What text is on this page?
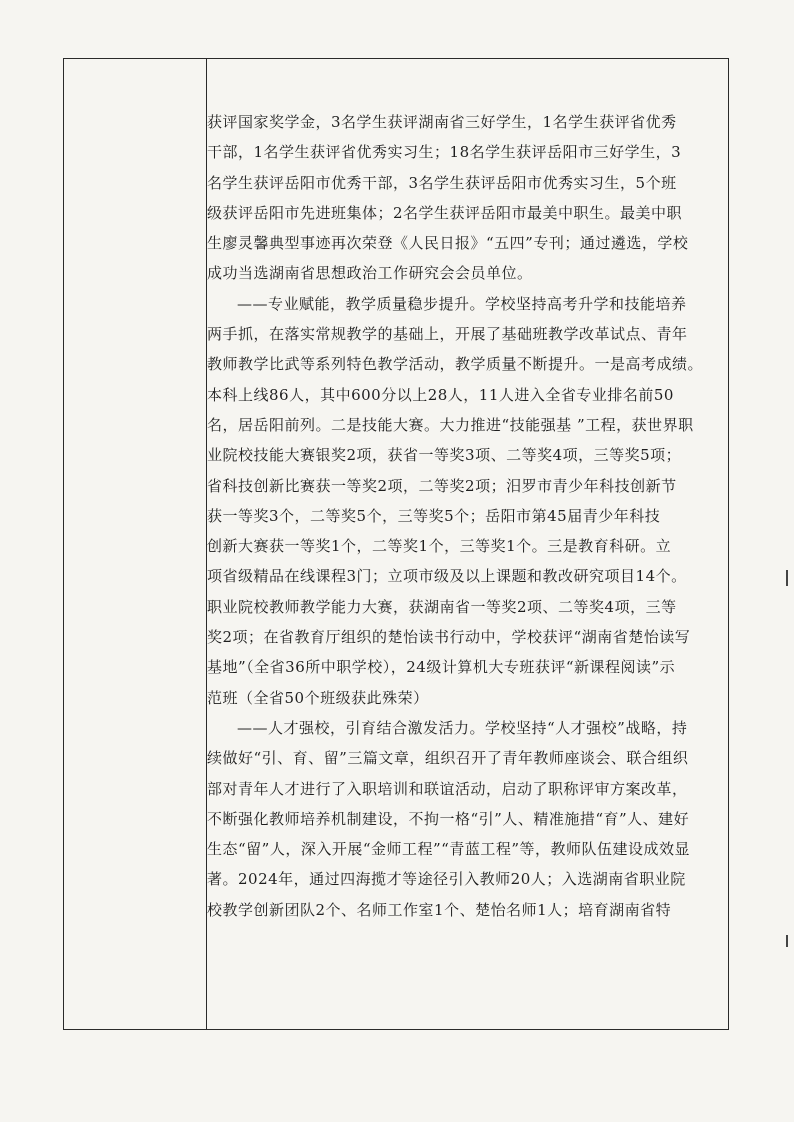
获评国家奖学金，3名学生获评湖南省三好学生，1名学生获评省优秀
干部，1名学生获评省优秀实习生；18名学生获评岳阳市三好学生，3
名学生获评岳阳市优秀干部，3名学生获评岳阳市优秀实习生，5个班
级获评岳阳市先进班集体；2名学生获评岳阳市最美中职生。最美中职
生廖灵馨典型事迹再次荣登《人民日报》“五四”专刊；通过遴选，学校
成功当选湖南省思想政治工作研究会会员单位。
——专业赋能，教学质量稳步提升。学校坚持高考升学和技能培养
两手抓，在落实常规教学的基础上，开展了基础班教学改革试点、青年
教师教学比武等系列特色教学活动，教学质量不断提升。一是高考成绩。
本科上线86人，其中600分以上28人，11人进入全省专业排名前50
名，居岳阳前列。二是技能大赛。大力推进“技能强基 ”工程，获世界职
业院校技能大赛银奖2项，获省一等奖3项、二等奖4项，三等奖5项；
省科技创新比赛获一等奖2项，二等奖2项；汨罗市青少年科技创新节
获一等奖3个，二等奖5个，三等奖5个；岳阳市第45届青少年科技
创新大赛获一等奖1个，二等奖1个，三等奖1个。三是教育科研。立
项省级精品在线课程3门；立项市级及以上课题和教改研究项目14个。
职业院校教师教学能力大赛，获湖南省一等奖2项、二等奖4项，三等
奖2项；在省教育厅组织的楚怡读书行动中，学校获评“湖南省楚怡读写
基地”（全省36所中职学校），24级计算机大专班获评“新课程阅读”示
范班（全省50个班级获此殊荣）
——人才强校，引育结合激发活力。学校坚持“人才强校”战略，持
续做好“引、育、留”三篇文章，组织召开了青年教师座谈会、联合组织
部对青年人才进行了入职培训和联谊活动，启动了职称评审方案改革，
不断强化教师培养机制建设，不拘一格“引”人、精准施措“育”人、建好
生态“留”人，深入开展“金师工程”“青蓝工程”等，教师队伍建设成效显
著。2024年，通过四海揽才等途径引入教师20人；入选湖南省职业院
校教学创新团队2个、名师工作室1个、楚怡名师1人；培育湖南省特
